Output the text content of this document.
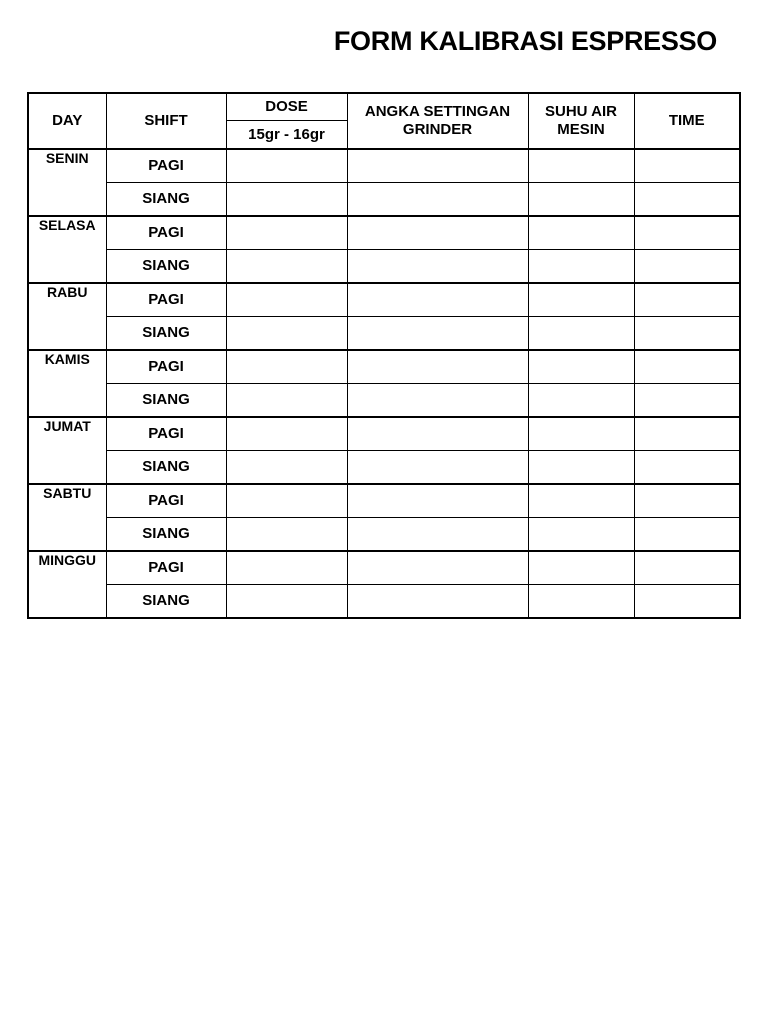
FORM KALIBRASI ESPRESSO
DAY	SHIFT	DOSE	ANGKA SETTINGAN GRINDER	SUHU AIR MESIN	TIME
		15gr - 16gr			
SENIN	PAGI				
	SIANG				
SELASA	PAGI				
	SIANG				
RABU	PAGI				
	SIANG				
KAMIS	PAGI				
	SIANG				
JUMAT	PAGI				
	SIANG				
SABTU	PAGI				
	SIANG				
MINGGU	PAGI				
	SIANG				
